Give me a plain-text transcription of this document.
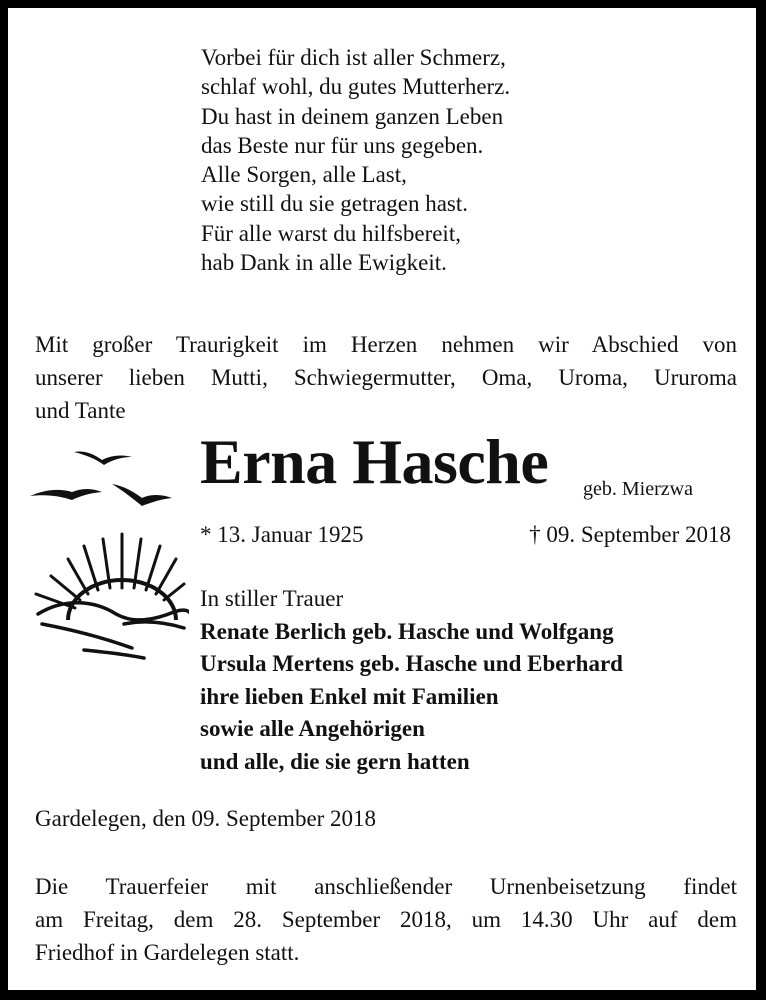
Vorbei für dich ist aller Schmerz,
schlaf wohl, du gutes Mutterherz.
Du hast in deinem ganzen Leben
das Beste nur für uns gegeben.
Alle Sorgen, alle Last,
wie still du sie getragen hast.
Für alle warst du hilfsbereit,
hab Dank in alle Ewigkeit.
Mit großer Traurigkeit im Herzen nehmen wir Abschied von
unserer lieben Mutti, Schwiegermutter, Oma, Uroma, Ururoma
und Tante
Erna Hasche geb. Mierzwa
* 13. Januar 1925	† 09. September 2018
In stiller Trauer
Renate Berlich geb. Hasche und Wolfgang
Ursula Mertens geb. Hasche und Eberhard
ihre lieben Enkel mit Familien
sowie alle Angehörigen
und alle, die sie gern hatten
Gardelegen, den 09. September 2018
Die Trauerfeier mit anschließender Urnenbeisetzung findet
am Freitag, dem 28. September 2018, um 14.30 Uhr auf dem
Friedhof in Gardelegen statt.
